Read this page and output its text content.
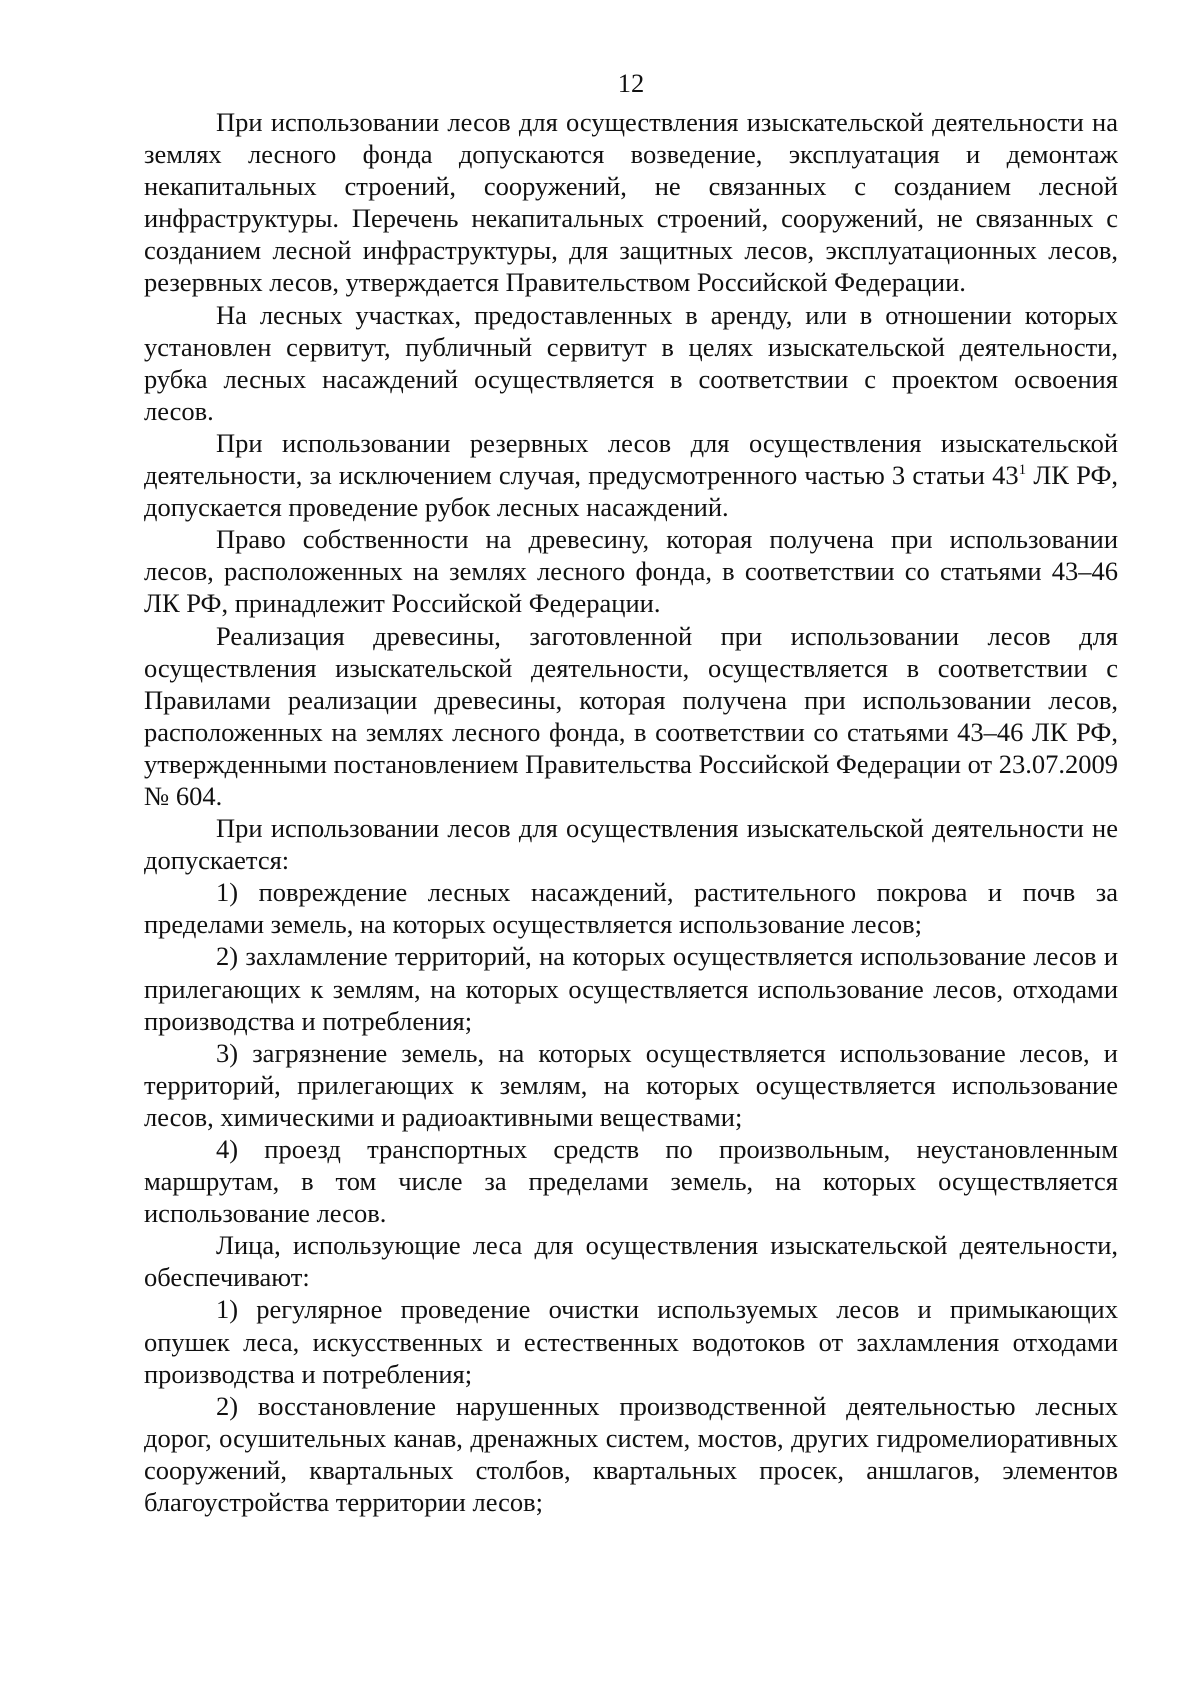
12

При использовании лесов для осуществления изыскательской деятельности на землях лесного фонда допускаются возведение, эксплуатация и демонтаж некапитальных строений, сооружений, не связанных с созданием лесной инфраструктуры. Перечень некапитальных строений, сооружений, не связанных с созданием лесной инфраструктуры, для защитных лесов, эксплуатационных лесов, резервных лесов, утверждается Правительством Российской Федерации.

На лесных участках, предоставленных в аренду, или в отношении которых установлен сервитут, публичный сервитут в целях изыскательской деятельности, рубка лесных насаждений осуществляется в соответствии с проектом освоения лесов.

При использовании резервных лесов для осуществления изыскательской деятельности, за исключением случая, предусмотренного частью 3 статьи $43^1$ ЛК РФ, допускается проведение рубок лесных насаждений.

Право собственности на древесину, которая получена при использовании лесов, расположенных на землях лесного фонда, в соответствии со статьями 43–46 ЛК РФ, принадлежит Российской Федерации.

Реализация древесины, заготовленной при использовании лесов для осуществления изыскательской деятельности, осуществляется в соответствии с Правилами реализации древесины, которая получена при использовании лесов, расположенных на землях лесного фонда, в соответствии со статьями 43–46 ЛК РФ, утвержденными постановлением Правительства Российской Федерации от 23.07.2009 № 604.

При использовании лесов для осуществления изыскательской деятельности не допускается:

1) повреждение лесных насаждений, растительного покрова и почв за пределами земель, на которых осуществляется использование лесов;

2) захламление территорий, на которых осуществляется использование лесов и прилегающих к землям, на которых осуществляется использование лесов, отходами производства и потребления;

3) загрязнение земель, на которых осуществляется использование лесов, и территорий, прилегающих к землям, на которых осуществляется использование лесов, химическими и радиоактивными веществами;

4) проезд транспортных средств по произвольным, неустановленным маршрутам, в том числе за пределами земель, на которых осуществляется использование лесов.

Лица, использующие леса для осуществления изыскательской деятельности, обеспечивают:

1) регулярное проведение очистки используемых лесов и примыкающих опушек леса, искусственных и естественных водотоков от захламления отходами производства и потребления;

2) восстановление нарушенных производственной деятельностью лесных дорог, осушительных канав, дренажных систем, мостов, других гидромелиоративных сооружений, квартальных столбов, квартальных просек, аншлагов, элементов благоустройства территории лесов;
